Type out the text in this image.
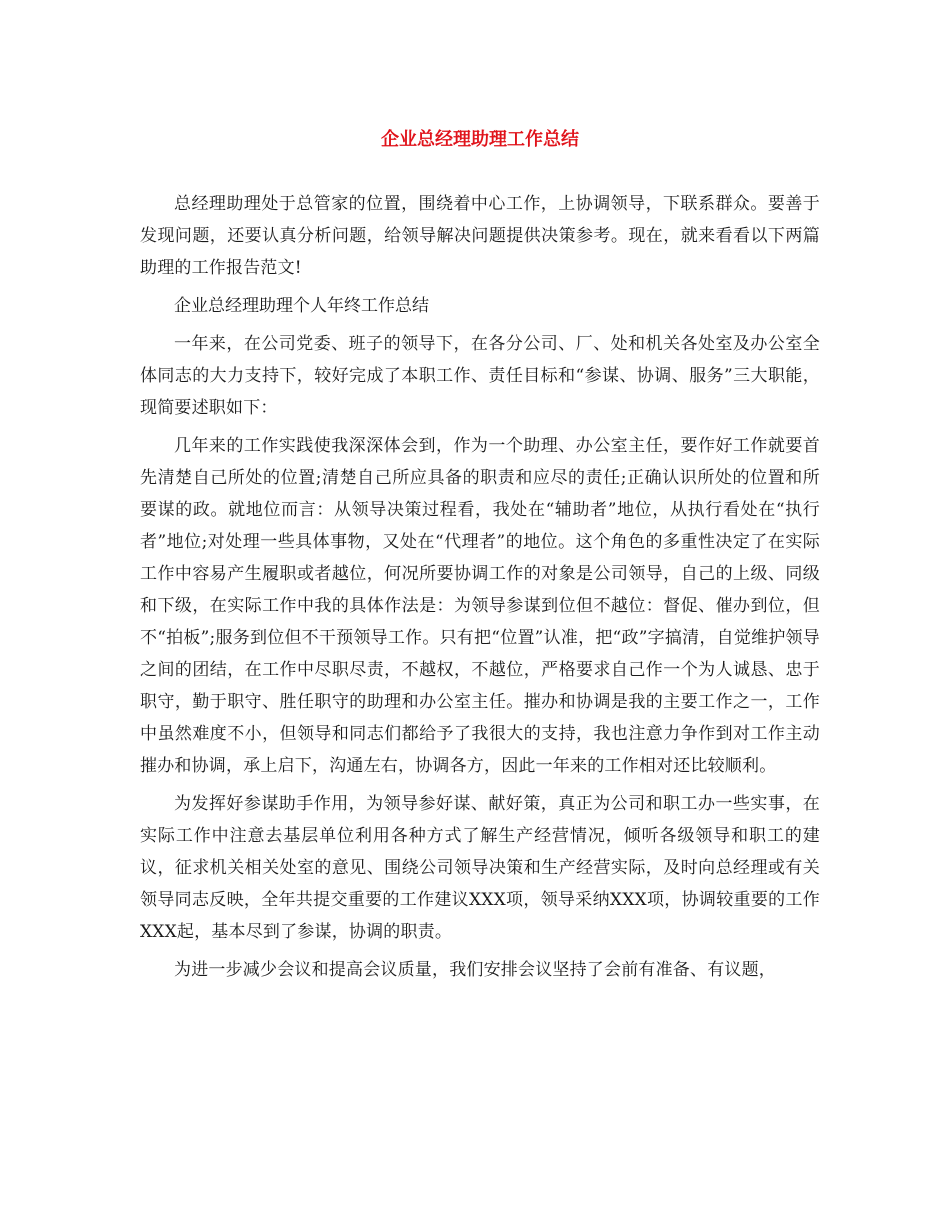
企业总经理助理工作总结

总经理助理处于总管家的位置，围绕着中心工作，上协调领导，下联系群众。要善于发现问题，还要认真分析问题，给领导解决问题提供决策参考。现在，就来看看以下两篇助理的工作报告范文!

企业总经理助理个人年终工作总结

一年来，在公司党委、班子的领导下，在各分公司、厂、处和机关各处室及办公室全体同志的大力支持下，较好完成了本职工作、责任目标和“参谋、协调、服务”三大职能，现简要述职如下：

几年来的工作实践使我深深体会到，作为一个助理、办公室主任，要作好工作就要首先清楚自己所处的位置;清楚自己所应具备的职责和应尽的责任;正确认识所处的位置和所要谋的政。就地位而言：从领导决策过程看，我处在“辅助者”地位，从执行看处在“执行者”地位;对处理一些具体事物，又处在“代理者”的地位。这个角色的多重性决定了在实际工作中容易产生履职或者越位，何况所要协调工作的对象是公司领导，自己的上级、同级和下级，在实际工作中我的具体作法是：为领导参谋到位但不越位：督促、催办到位，但不“拍板”;服务到位但不干预领导工作。只有把“位置”认准，把“政”字搞清，自觉维护领导之间的团结，在工作中尽职尽责，不越权，不越位，严格要求自己作一个为人诚恳、忠于职守，勤于职守、胜任职守的助理和办公室主任。摧办和协调是我的主要工作之一，工作中虽然难度不小，但领导和同志们都给予了我很大的支持，我也注意力争作到对工作主动摧办和协调，承上启下，沟通左右，协调各方，因此一年来的工作相对还比较顺利。

为发挥好参谋助手作用，为领导参好谋、献好策，真正为公司和职工办一些实事，在实际工作中注意去基层单位利用各种方式了解生产经营情况，倾听各级领导和职工的建议，征求机关相关处室的意见、围绕公司领导决策和生产经营实际，及时向总经理或有关领导同志反映，全年共提交重要的工作建议XXX项，领导采纳XXX项，协调较重要的工作XXX起，基本尽到了参谋，协调的职责。

为进一步减少会议和提高会议质量，我们安排会议坚持了会前有准备、有议题，
